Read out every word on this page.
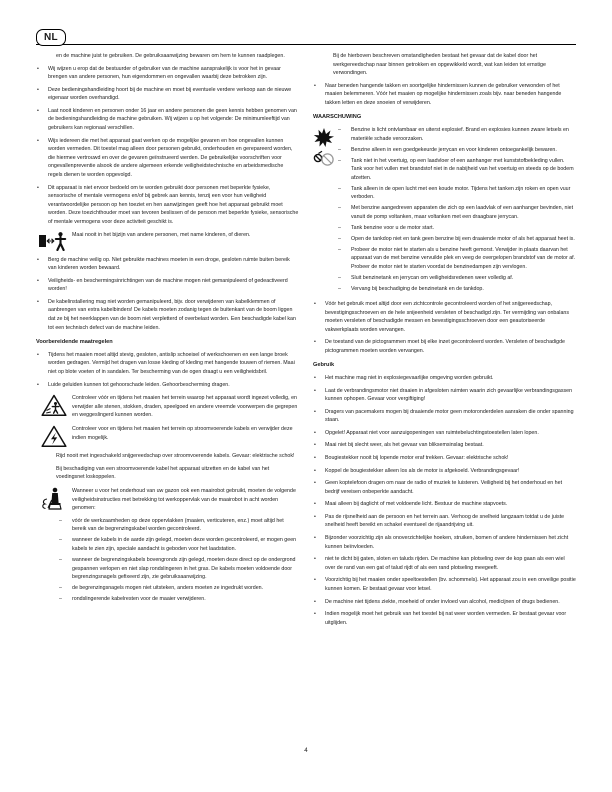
NL
en de machine juist te gebruiken. De gebruiksaanwijzing bewaren om hem te kunnen raadplegen.
•	Wij wijzen u erop dat de bestuurder of gebruiker van de machine aansprakelijk is voor het in gevaar brengen van andere personen, hun eigendommen en ongevallen waarbij deze betrokken zijn.
•	Deze bedieningshandleiding hoort bij de machine en moet bij eventuele verdere verkoop aan de nieuwe eigenaar worden overhandigd.
•	Laat nooit kinderen en personen onder 16 jaar en andere personen die geen kennis hebben genomen van de bedieningshandleiding de machine gebruiken. Wij wijzen u op het volgende: De minimumleeftijd van gebruikers kan regionaal verschillen.
•	Wijs iedereen die met het apparaat gaat werken op de mogelijke gevaren en hoe ongevallen kunnen worden vermeden. Dit toestel mag alleen door personen gebruikt, onderhouden en gerepareerd worden, die hiermee vertrouwd en over de gevaren geïnstrueerd werden. De gebruikelijke voorschriften voor ongevallenpreventie alsook de andere algemeen erkende veiligheidstechnische en arbeidsmedische regels dienen te worden opgevolgd.
•	Dit apparaat is niet ervoor bedoeld om te worden gebruikt door personen met beperkte fysieke, sensorische of mentale vermogens en/of bij gebrek aan kennis, tenzij een voor hun veiligheid verantwoordelijke persoon op hen toeziet en hen aanwijzingen geeft hoe het apparaat gebruikt moet worden. Deze toezichthouder moet van tevoren beslissen of de persoon met beperkte fysieke, sensorische of mentale vermogens voor deze activiteit geschikt is.
Maai nooit in het bijzijn van andere personen, met name kinderen, of dieren.
•	Berg de machine veilig op. Niet gebruikte machines moeten in een droge, gesloten ruimte buiten bereik van kinderen worden bewaard.
•	Veiligheids- en beschermingsinrichtingen van de machine mogen niet gemanipuleerd of gedeactiveerd worden!
•	De kabelinstallering mag niet worden gemanipuleerd, bijv. door verwijderen van kabelklemmen of aanbrengen van extra kabelbinders! De kabels moeten zodanig tegen de buitenkant van de boom liggen dat ze bij het neerklappen van de boom niet verpletterd of overbelast worden. Een beschadigde kabel kan tot een technisch defect van de machine leiden.
Voorbereidende maatregelen
•	Tijdens het maaien moet altijd stevig, gesloten, antislip schoeisel of werkschoenen en een lange broek worden gedragen. Vermijd het dragen van losse kleding of kleding met hangende touwen of riemen. Maai niet op blote voeten of in sandalen. Ter bescherming van de ogen draagt u een veiligheidsbril.
•	Luide geluiden kunnen tot gehoorschade leiden. Gehoorbescherming dragen.
Controleer vóór en tijdens het maaien het terrein waarop het apparaat wordt ingezet volledig, en verwijder alle stenen, stokken, draden, speelgoed en andere vreemde voorwerpen die gegrepen en weggeslingerd kunnen worden.
Controleer voor en tijdens het maaien het terrein op stroomvoerende kabels en verwijder deze indien mogelijk.
Rijd nooit met ingeschakeld snijgereedschap over stroomvoerende kabels. Gevaar: elektrische schok!
Bij beschadiging van een stroomvoerende kabel het apparaat uitzetten en de kabel van het voedingsnet loskoppelen.
Wanneer u voor het onderhoud van uw gazon ook een maairobot gebruikt, moeten de volgende veiligheidsinstructies met betrekking tot werkoppervlak van de maairobot in acht worden genomen:
–	vóór de werkzaamheden op deze oppervlakken (maaien, verticuteren, enz.) moet altijd het bereik van de begrenzingskabel worden gecontroleerd.
–	wanneer de kabels in de aarde zijn gelegd, moeten deze worden gecontroleerd, er mogen geen kabels te zien zijn, speciale aandacht is geboden voor het laadstation.
–	wanneer de begrenzingskabels bovengronds zijn gelegd, moeten deze direct op de ondergrond gespannen verlopen en niet slap rondslingeren in het gras. De kabels moeten voldoende door begrenzingsnagels gefixeerd zijn, zie gebruiksaanwijzing.
–	de begrenzingsnagels mogen niet uitsteken, anders moeten ze ingedrukt worden.
–	rondslingerende kabelresten voor de maaier verwijderen.
Bij de hierboven beschreven omstandigheden bestaat het gevaar dat de kabel door het werkgereedschap naar binnen getrokken en opgewikkeld wordt, wat kan leiden tot ernstige verwondingen.
•	Naar beneden hangende takken en soortgelijke hindernissen kunnen de gebruiker verwonden of het maaien belemmeren. Vóór het maaien op mogelijke hindernissen zoals bijv. naar beneden hangende takken letten en deze snoeien of verwijderen.
WAARSCHUWING
–	Benzine is licht ontvlambaar en uiterst explosief. Brand en explosies kunnen zware letsels en materiële schade veroorzaken.
–	Benzine alleen in een goedgekeurde jerrycan en voor kinderen ontoegankelijk bewaren.
–	Tank niet in het voertuig, op een laadvloer of een aanhanger met kunststofbekleding vullen. Tank voor het vullen met brandstof niet in de nabijheid van het voertuig en steeds op de bodem afzetten.
–	Tank alleen in de open lucht met een koude motor. Tijdens het tanken zijn roken en open vuur verboden.
–	Met benzine aangedreven apparaten die zich op een laadvlak of een aanhanger bevinden, niet vanuit de pomp voltanken, maar voltanken met een draagbare jerrycan.
–	Tank benzine voor u de motor start.
–	Open de tankdop niet en tank geen benzine bij een draaiende motor of als het apparaat heet is.
–	Probeer de motor niet te starten als u benzine heeft gemorst. Verwijder in plaats daarvan het apparaat van de met benzine vervuilde plek en veeg de overgelopen brandstof van de motor af. Probeer de motor niet te starten voordat de benzinedampen zijn vervlogen.
–	Sluit benzinetank en jerrycan om veiligheidsredenen weer volledig af.
–	Vervang bij beschadiging de benzinetank en de tankdop.
•	Vóór het gebruik moet altijd door een zichtcontrole gecontroleerd worden of het snijgereedschap, bevestigingsschroeven en de hele snijeenheid versleten of beschadigd zijn. Ter vermijding van onbalans moeten versleten of beschadigde messen en bevestigingsschroeven door een geautoriseerde vakwerkplaats worden vervangen.
•	De toestand van de pictogrammen moet bij elke inzet gecontroleerd worden. Versleten of beschadigde pictogrammen moeten worden vervangen.
Gebruik
•	Het machine mag niet in explosiegevaarlijke omgeving worden gebruikt.
•	Laat de verbrandingsmotor niet draaien in afgesloten ruimten waarin zich gevaarlijke verbrandingsgassen kunnen ophopen. Gevaar voor vergiftiging!
•	Dragers van pacemakers mogen bij draaiende motor geen motoronderdelen aanraken die onder spanning staan.
•	Opgelet! Apparaat niet voor aanzuigopeningen van ruimtebeluchtingstoestellen laten lopen.
•	Maai niet bij slecht weer, als het gevaar van bliksemsinslag bestaat.
•	Bougiestekker nooit bij lopende motor eraf trekken. Gevaar: elektrische schok!
•	Koppel de bougiestekker alleen los als de motor is afgekoeld. Verbrandingsgevaar!
•	Geen koptelefoon dragen om naar de radio of muziek te luisteren. Veiligheid bij het onderhoud en het bedrijf vereisen onbeperkte aandacht.
•	Maai alleen bij daglicht of met voldoende licht. Bestuur de machine stapvoets.
•	Pas de rijsnelheid aan de persoon en het terrein aan. Verhoog de snelheid langzaam totdat u de juiste snelheid heeft bereikt en schakel eventueel de rijaandrijving uit.
•	Bijzonder voorzichtig zijn als onoverzichtelijke hoeken, struiken, bomen of andere hindernissen het zicht kunnen beïnvloeden.
•	niet te dicht bij gaten, sloten en taluds rijden. De machine kan plotseling over de kop gaan als een wiel over de rand van een gat of talud rijdt of als een rand plotseling meegeeft.
•	Voorzichtig bij het maaien onder speeltoestellen (bv. schommels). Het apparaat zou in een onveilige positie kunnen komen. Er bestaat gevaar voor letsel.
•	De machine niet tijdens ziekte, moeheid of onder invloed van alcohol, medicijnen of drugs bedienen.
•	Indien mogelijk moet het gebruik van het toestel bij nat weer worden vermeden. Er bestaat gevaar voor uitglijden.
4
